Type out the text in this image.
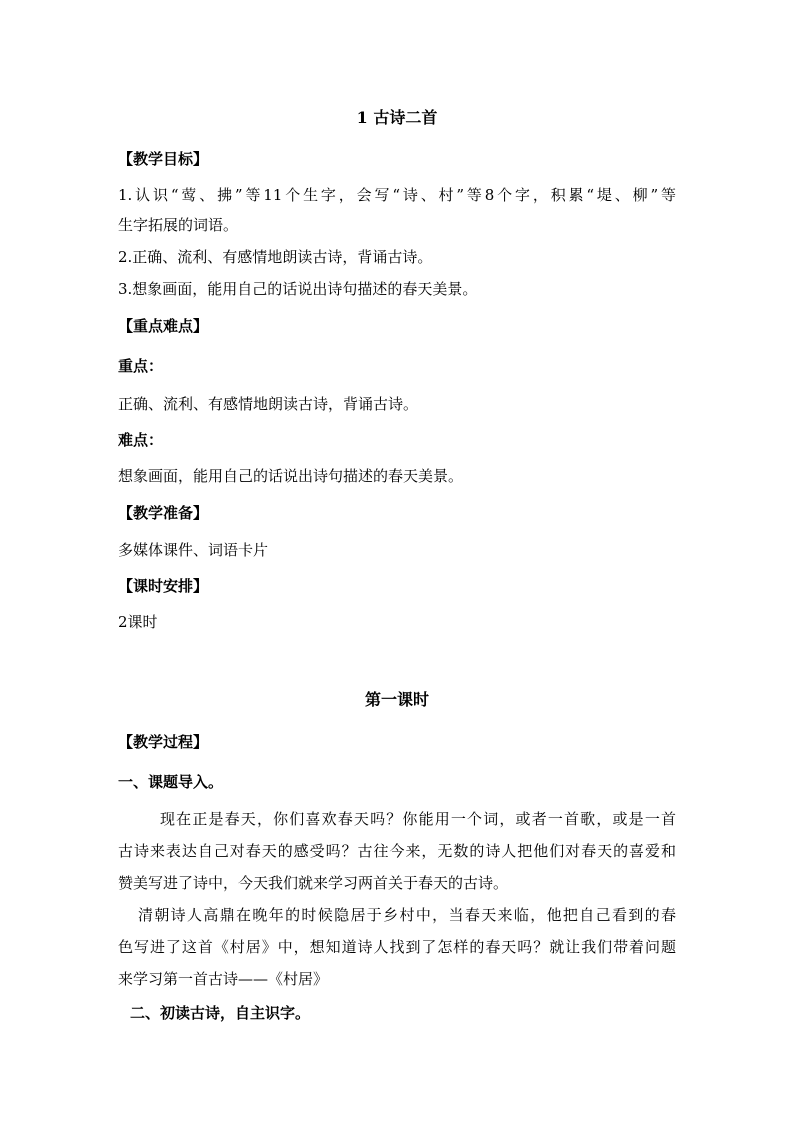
1 古诗二首
【教学目标】
1.认识“莺、拂”等11个生字，会写“诗、村”等8个字，积累“堤、柳”等
生字拓展的词语。
2.正确、流利、有感情地朗读古诗，背诵古诗。
3.想象画面，能用自己的话说出诗句描述的春天美景。
【重点难点】
重点：
正确、流利、有感情地朗读古诗，背诵古诗。
难点：
想象画面，能用自己的话说出诗句描述的春天美景。
【教学准备】
多媒体课件、词语卡片
【课时安排】
2课时
第一课时
【教学过程】
一、课题导入。
现在正是春天，你们喜欢春天吗？你能用一个词，或者一首歌，或是一首
古诗来表达自己对春天的感受吗？古往今来，无数的诗人把他们对春天的喜爱和
赞美写进了诗中，今天我们就来学习两首关于春天的古诗。
清朝诗人高鼎在晚年的时候隐居于乡村中，当春天来临，他把自己看到的春
色写进了这首《村居》中，想知道诗人找到了怎样的春天吗？就让我们带着问题
来学习第一首古诗——《村居》
二、初读古诗，自主识字。
